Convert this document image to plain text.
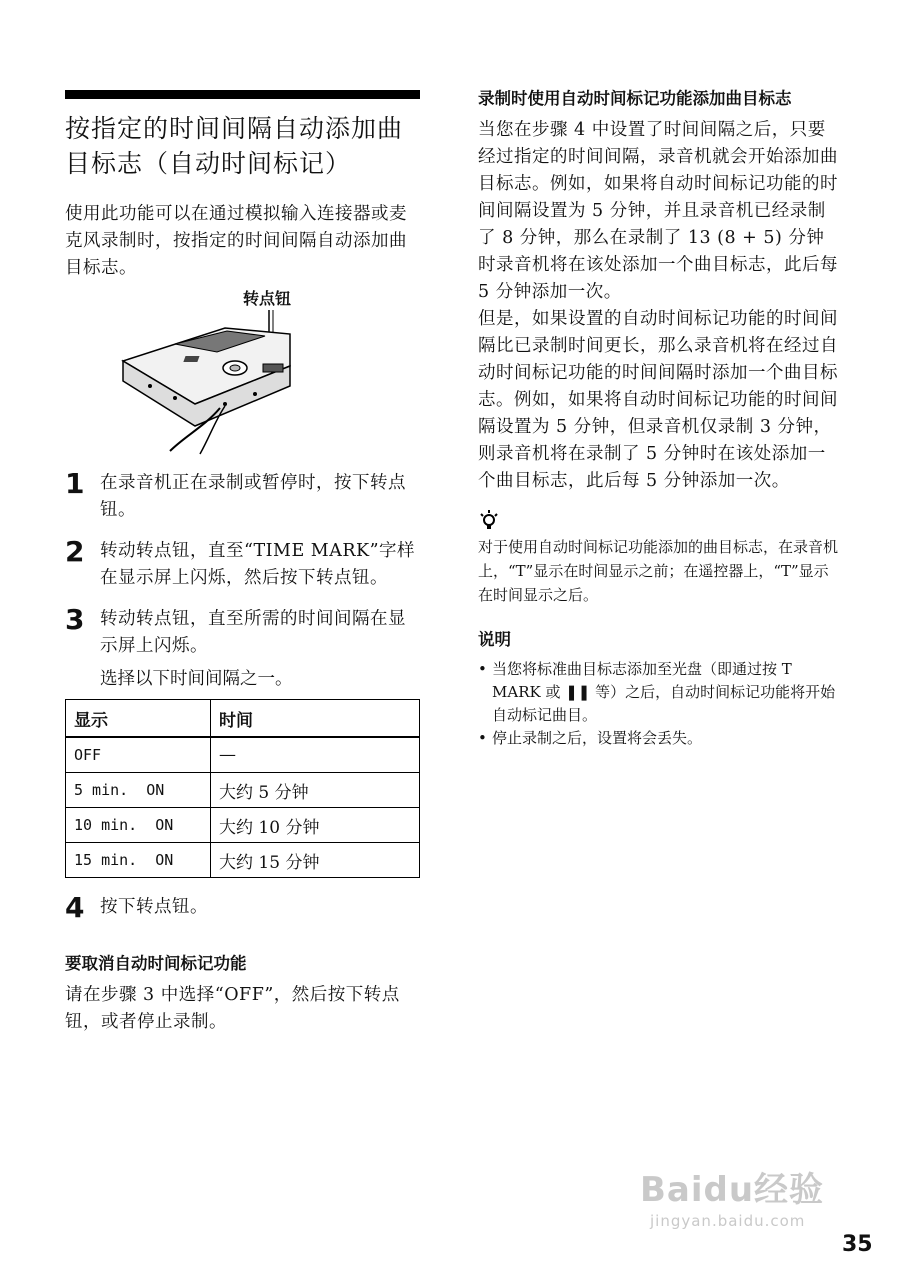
按指定的时间间隔自动添加曲目标志（自动时间标记）

使用此功能可以在通过模拟输入连接器或麦克风录制时，按指定的时间间隔自动添加曲目标志。

转点钮
1 在录音机正在录制或暂停时，按下转点钮。
2 转动转点钮，直至“TIME MARK”字样在显示屏上闪烁，然后按下转点钮。
3 转动转点钮，直至所需的时间间隔在显示屏上闪烁。
选择以下时间间隔之一。
显示	时间
OFF	—
5 min.  ON	大约 5 分钟
10 min.  ON	大约 10 分钟
15 min.  ON	大约 15 分钟
4 按下转点钮。

要取消自动时间标记功能

请在步骤 3 中选择“OFF”，然后按下转点钮，或者停止录制。

录制时使用自动时间标记功能添加曲目标志

当您在步骤 4 中设置了时间间隔之后，只要经过指定的时间间隔，录音机就会开始添加曲目标志。例如，如果将自动时间标记功能的时间间隔设置为 5 分钟，并且录音机已经录制了 8 分钟，那么在录制了 13 (8 + 5) 分钟时录音机将在该处添加一个曲目标志，此后每 5 分钟添加一次。

但是，如果设置的自动时间标记功能的时间间隔比已录制时间更长，那么录音机将在经过自动时间标记功能的时间间隔时添加一个曲目标志。例如，如果将自动时间标记功能的时间间隔设置为 5 分钟，但录音机仅录制 3 分钟，则录音机将在录制了 5 分钟时在该处添加一个曲目标志，此后每 5 分钟添加一次。

对于使用自动时间标记功能添加的曲目标志，在录音机上，“T”显示在时间显示之前；在遥控器上，“T”显示在时间显示之后。

说明

• 当您将标准曲目标志添加至光盘（即通过按 T MARK 或 ❚❚ 等）之后，自动时间标记功能将开始自动标记曲目。
• 停止录制之后，设置将会丢失。
Baidu经验
jingyan.baidu.com
35
